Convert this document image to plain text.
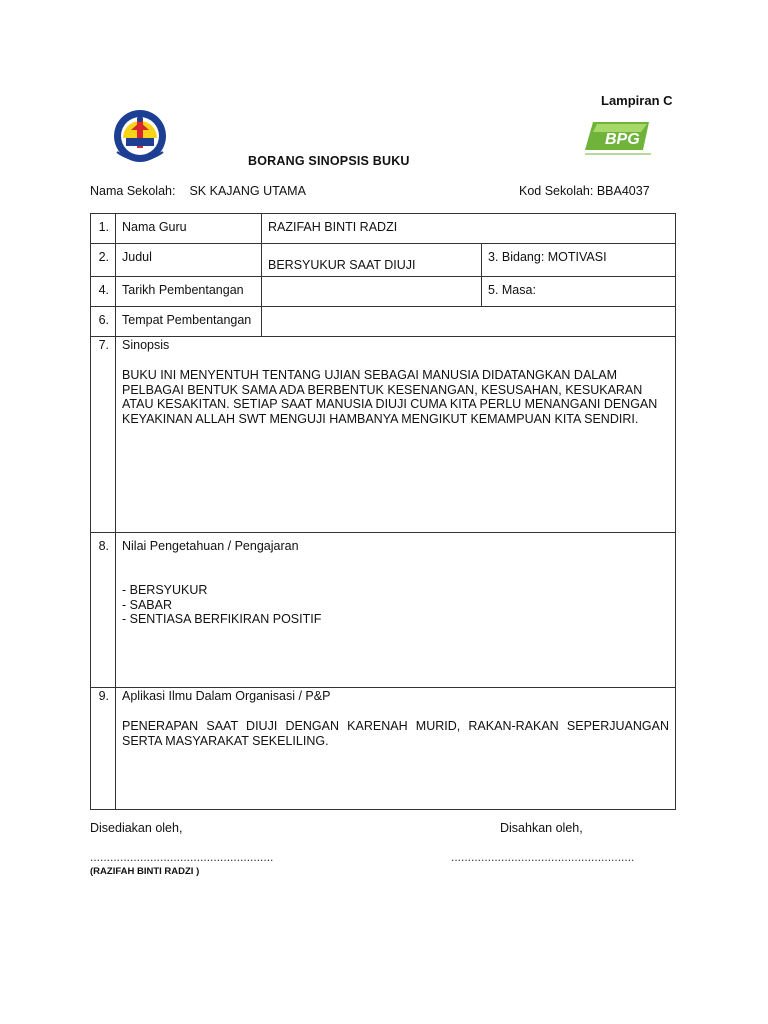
Lampiran C
BPG
BORANG SINOPSIS BUKU
Nama Sekolah: SK KAJANG UTAMA	Kod Sekolah: BBA4037
1.	Nama Guru	RAZIFAH BINTI RADZI	
2.	Judul	BERSYUKUR SAAT DIUJI	3. Bidang: MOTIVASI
4.	Tarikh Pembentangan		5. Masa:
6.	Tempat Pembentangan		

7.	Sinopsis
BUKU INI MENYENTUH TENTANG UJIAN SEBAGAI MANUSIA DIDATANGKAN DALAM PELBAGAI BENTUK SAMA ADA BERBENTUK KESENANGAN, KESUSAHAN, KESUKARAN ATAU KESAKITAN. SETIAP SAAT MANUSIA DIUJI CUMA KITA PERLU MENANGANI DENGAN KEYAKINAN ALLAH SWT MENGUJI HAMBANYA MENGIKUT KEMAMPUAN KITA SENDIRI.		

8.	Nilai Pengetahuan / Pengajaran
- BERSYUKUR
- SABAR
- SENTIASA BERFIKIRAN POSITIF		

9.	Aplikasi Ilmu Dalam Organisasi / P&P
PENERAPAN SAAT DIUJI DENGAN KARENAH MURID, RAKAN-RAKAN SEPERJUANGAN SERTA MASYARAKAT SEKELILING.		
Disediakan oleh,	Disahkan oleh,
.......................................................	.......................................................
(RAZIFAH BINTI RADZI )
